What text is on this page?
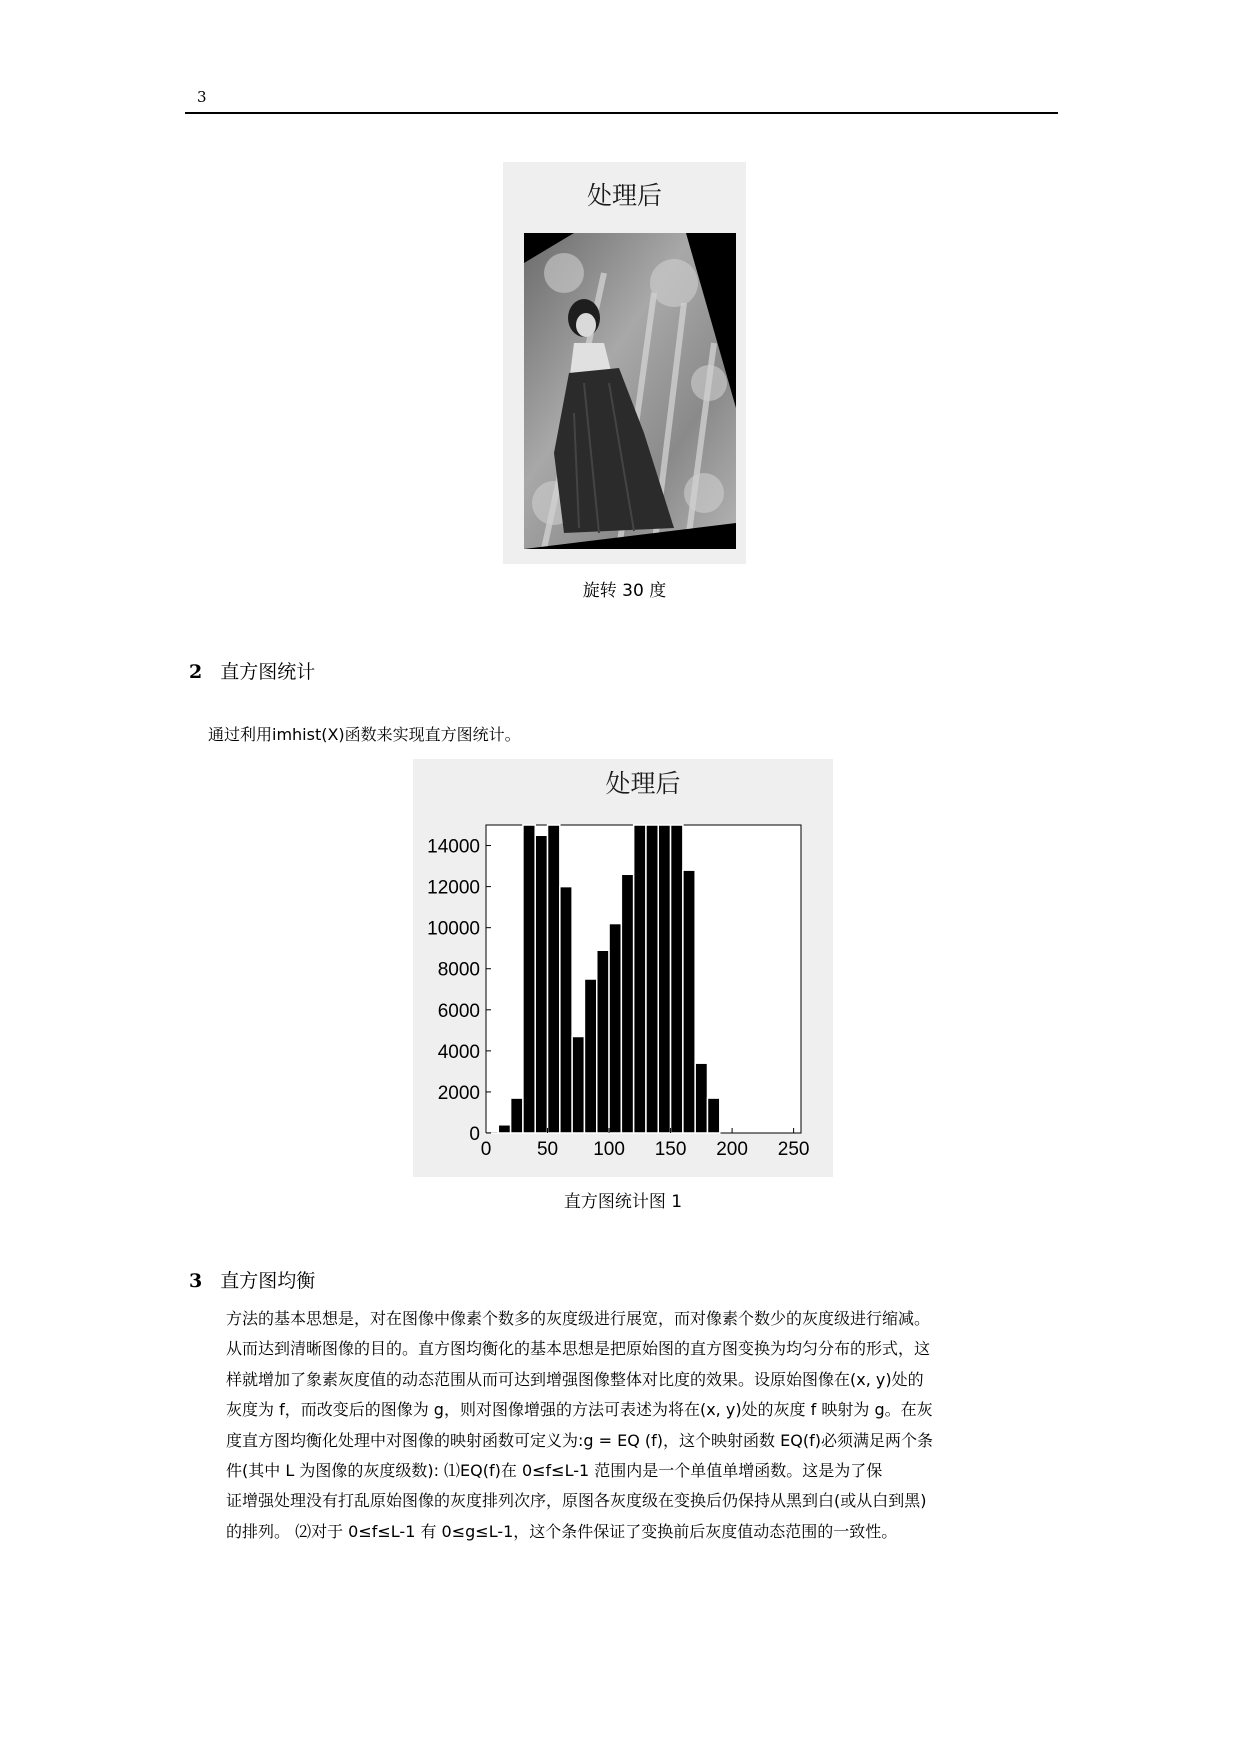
3
处理后
旋转 30 度
2 直方图统计
通过利用imhist(X)函数来实现直方图统计。
处理后
0 50 100 150 200 250
0
2000
4000
6000
8000
10000
12000
14000
直方图统计图 1
3 直方图均衡

方法的基本思想是，对在图像中像素个数多的灰度级进行展宽，而对像素个数少的灰度级进行缩减。

从而达到清晰图像的目的。直方图均衡化的基本思想是把原始图的直方图变换为均匀分布的形式，这

样就增加了象素灰度值的动态范围从而可达到增强图像整体对比度的效果。设原始图像在(x, y)处的

灰度为 f，而改变后的图像为 g，则对图像增强的方法可表述为将在(x, y)处的灰度 f 映射为 g。在灰

度直方图均衡化处理中对图像的映射函数可定义为:g = EQ (f)，这个映射函数 EQ(f)必须满足两个条

件(其中 L 为图像的灰度级数): ⑴EQ(f)在 0≤f≤L-1 范围内是一个单值单增函数。这是为了保

证增强处理没有打乱原始图像的灰度排列次序，原图各灰度级在变换后仍保持从黑到白(或从白到黑)

的排列。 ⑵对于 0≤f≤L-1 有 0≤g≤L-1，这个条件保证了变换前后灰度值动态范围的一致性。
